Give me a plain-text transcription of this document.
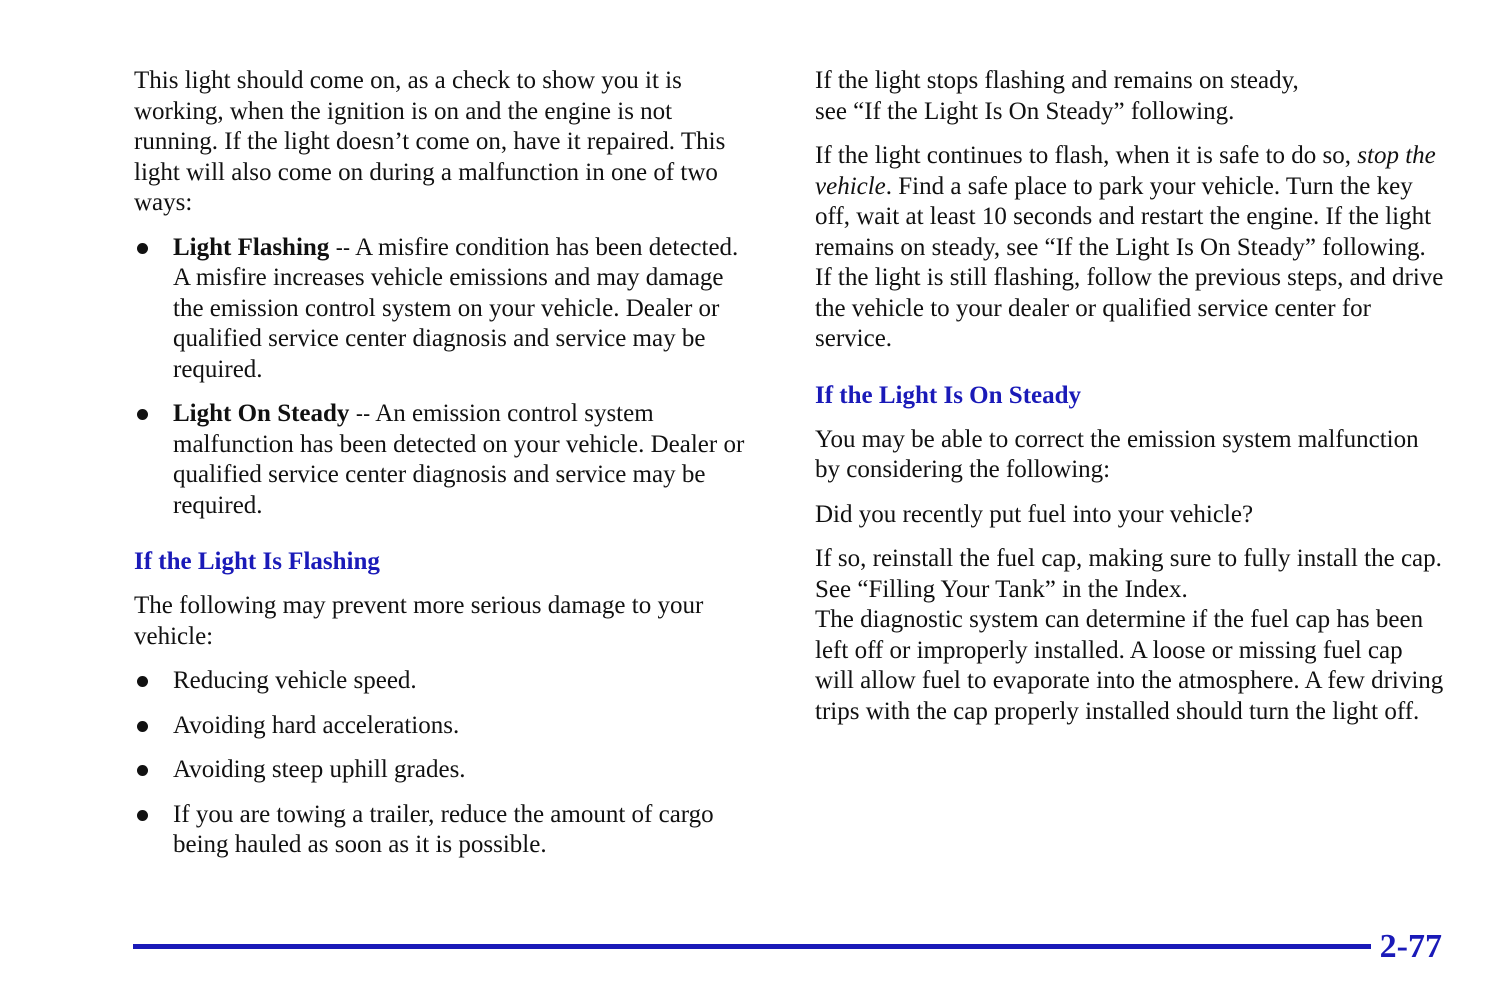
This light should come on, as a check to show you it is working, when the ignition is on and the engine is not running. If the light doesn’t come on, have it repaired. This light will also come on during a malfunction in one of two ways:

Light Flashing -- A misfire condition has been detected. A misfire increases vehicle emissions and may damage the emission control system on your vehicle. Dealer or qualified service center diagnosis and service may be required.
Light On Steady -- An emission control system malfunction has been detected on your vehicle. Dealer or qualified service center diagnosis and service may be required.
If the Light Is Flashing

The following may prevent more serious damage to your vehicle:

Reducing vehicle speed.
Avoiding hard accelerations.
Avoiding steep uphill grades.
If you are towing a trailer, reduce the amount of cargo being hauled as soon as it is possible.

If the light stops flashing and remains on steady,
see “If the Light Is On Steady” following.

If the light continues to flash, when it is safe to do so, stop the vehicle. Find a safe place to park your vehicle. Turn the key off, wait at least 10 seconds and restart the engine. If the light remains on steady, see “If the Light Is On Steady” following. If the light is still flashing, follow the previous steps, and drive the vehicle to your dealer or qualified service center for service.

If the Light Is On Steady

You may be able to correct the emission system malfunction by considering the following:

Did you recently put fuel into your vehicle?

If so, reinstall the fuel cap, making sure to fully install the cap. See “Filling Your Tank” in the Index.
The diagnostic system can determine if the fuel cap has been left off or improperly installed. A loose or missing fuel cap will allow fuel to evaporate into the atmosphere. A few driving trips with the cap properly installed should turn the light off.

2-77
